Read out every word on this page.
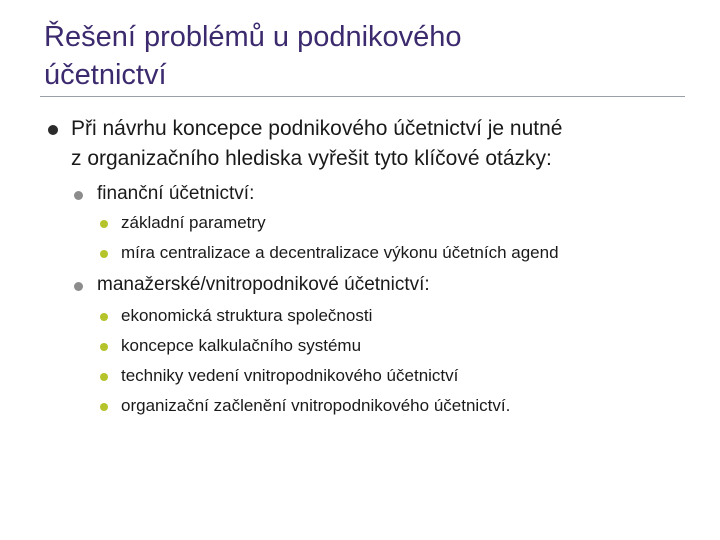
Řešení problémů u podnikového
účetnictví
Při návrhu koncepce podnikového účetnictví je nutné
z organizačního hlediska vyřešit tyto klíčové otázky:
finanční účetnictví:
základní parametry
míra centralizace a decentralizace výkonu účetních agend
manažerské/vnitropodnikové účetnictví:
ekonomická struktura společnosti
koncepce kalkulačního systému
techniky vedení vnitropodnikového účetnictví
organizační začlenění vnitropodnikového účetnictví.
